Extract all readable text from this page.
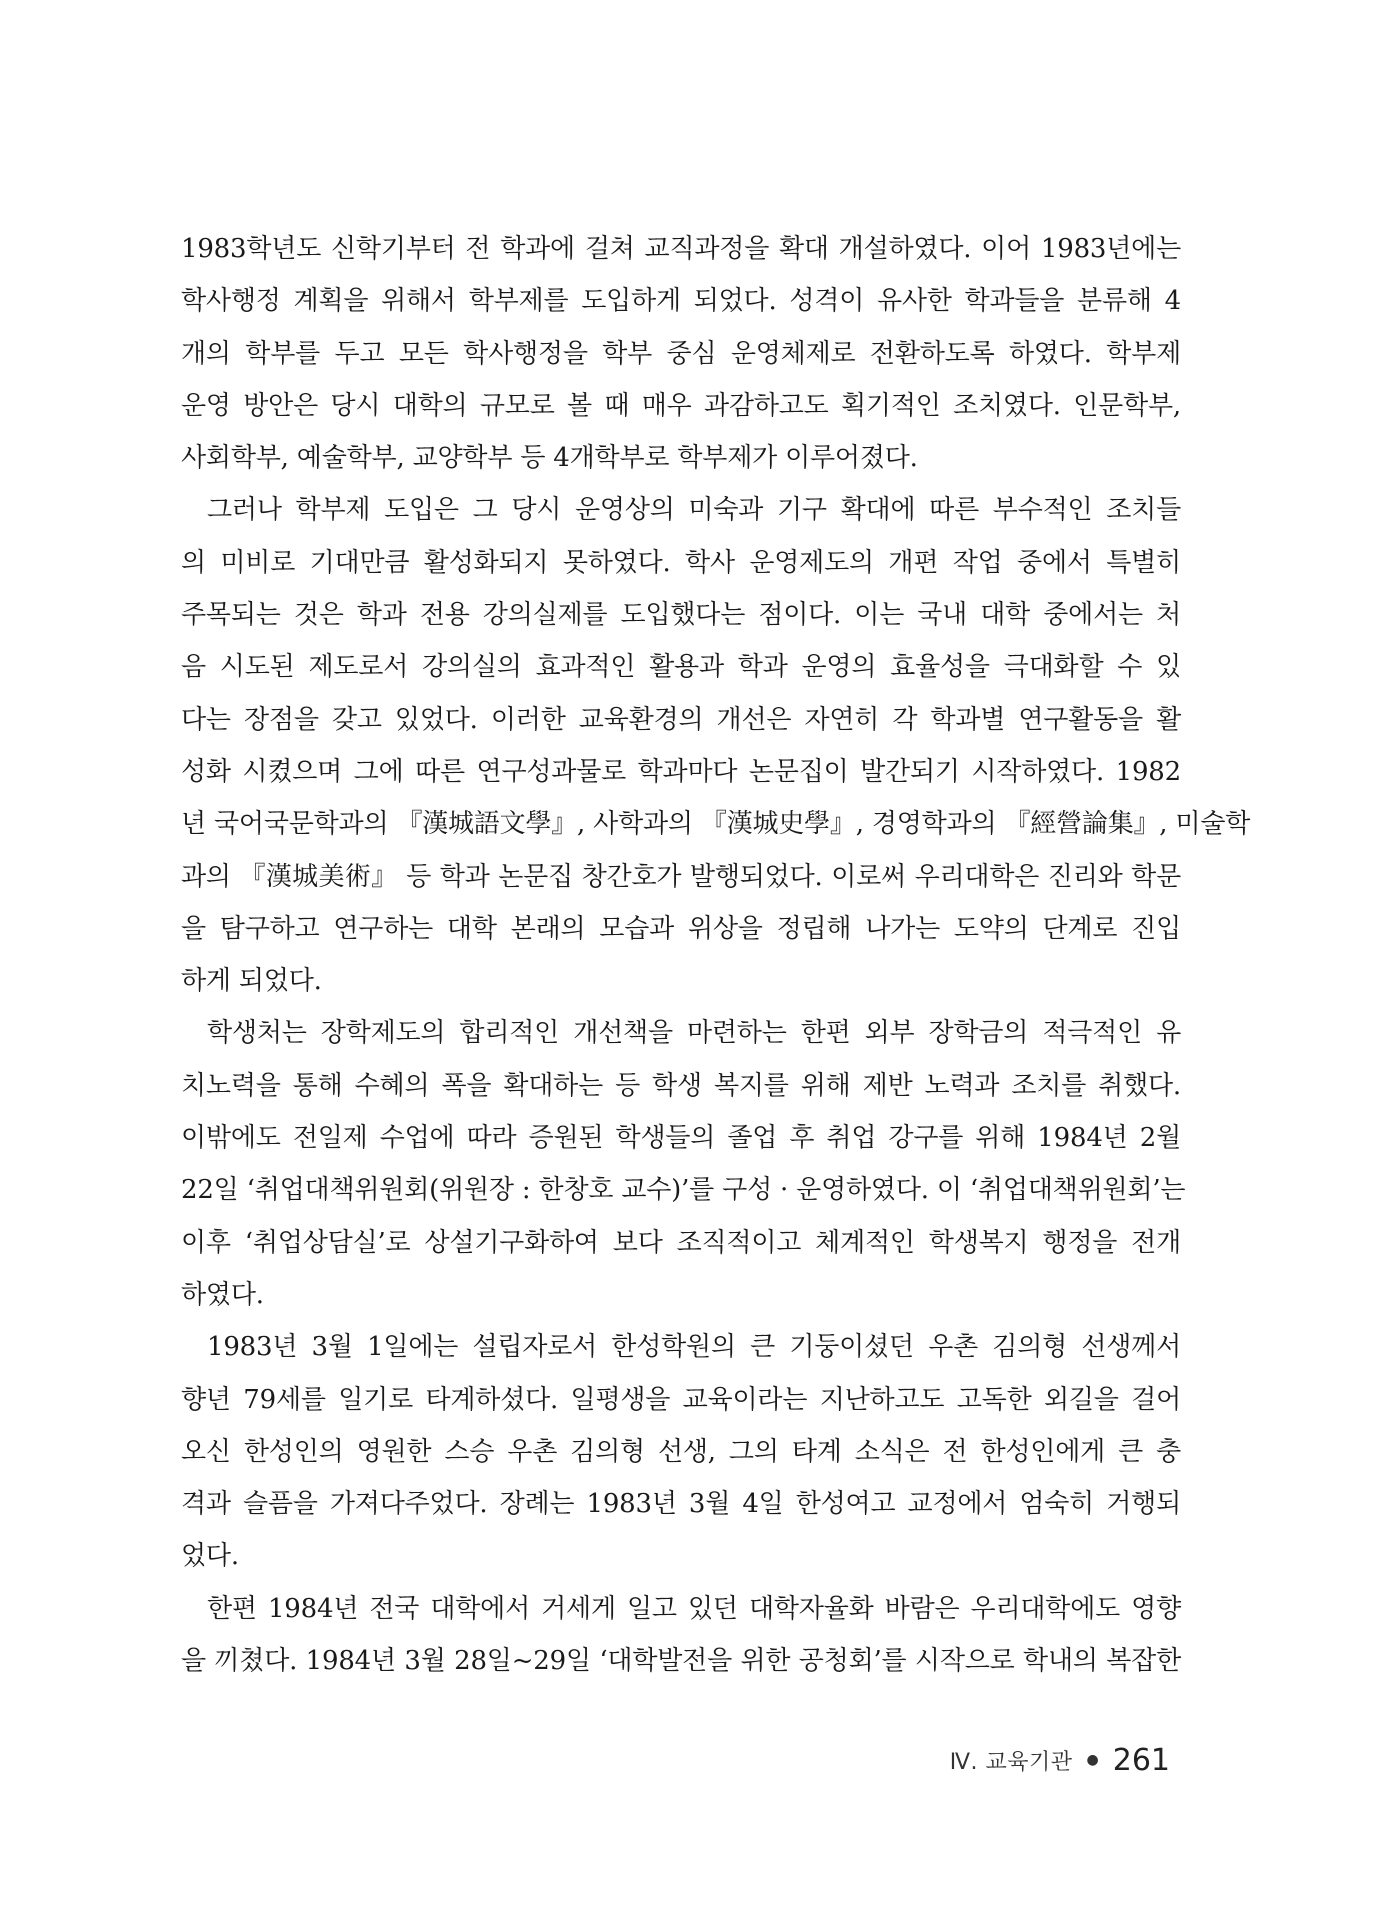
1983학년도 신학기부터 전 학과에 걸쳐 교직과정을 확대 개설하였다. 이어 1983년에는
학사행정 계획을 위해서 학부제를 도입하게 되었다. 성격이 유사한 학과들을 분류해 4
개의 학부를 두고 모든 학사행정을 학부 중심 운영체제로 전환하도록 하였다. 학부제
운영 방안은 당시 대학의 규모로 볼 때 매우 과감하고도 획기적인 조치였다. 인문학부,
사회학부, 예술학부, 교양학부 등 4개학부로 학부제가 이루어졌다.
그러나 학부제 도입은 그 당시 운영상의 미숙과 기구 확대에 따른 부수적인 조치들
의 미비로 기대만큼 활성화되지 못하였다. 학사 운영제도의 개편 작업 중에서 특별히
주목되는 것은 학과 전용 강의실제를 도입했다는 점이다. 이는 국내 대학 중에서는 처
음 시도된 제도로서 강의실의 효과적인 활용과 학과 운영의 효율성을 극대화할 수 있
다는 장점을 갖고 있었다. 이러한 교육환경의 개선은 자연히 각 학과별 연구활동을 활
성화 시켰으며 그에 따른 연구성과물로 학과마다 논문집이 발간되기 시작하였다. 1982
년 국어국문학과의 『漢城語文學』, 사학과의 『漢城史學』, 경영학과의 『經營論集』, 미술학
과의 『漢城美術』 등 학과 논문집 창간호가 발행되었다. 이로써 우리대학은 진리와 학문
을 탐구하고 연구하는 대학 본래의 모습과 위상을 정립해 나가는 도약의 단계로 진입
하게 되었다.
학생처는 장학제도의 합리적인 개선책을 마련하는 한편 외부 장학금의 적극적인 유
치노력을 통해 수혜의 폭을 확대하는 등 학생 복지를 위해 제반 노력과 조치를 취했다.
이밖에도 전일제 수업에 따라 증원된 학생들의 졸업 후 취업 강구를 위해 1984년 2월
22일 ‘취업대책위원회(위원장 : 한창호 교수)’를 구성 · 운영하였다. 이 ‘취업대책위원회’는
이후 ‘취업상담실’로 상설기구화하여 보다 조직적이고 체계적인 학생복지 행정을 전개
하였다.
1983년 3월 1일에는 설립자로서 한성학원의 큰 기둥이셨던 우촌 김의형 선생께서
향년 79세를 일기로 타계하셨다. 일평생을 교육이라는 지난하고도 고독한 외길을 걸어
오신 한성인의 영원한 스승 우촌 김의형 선생, 그의 타계 소식은 전 한성인에게 큰 충
격과 슬픔을 가져다주었다. 장례는 1983년 3월 4일 한성여고 교정에서 엄숙히 거행되
었다.
한편 1984년 전국 대학에서 거세게 일고 있던 대학자율화 바람은 우리대학에도 영향
을 끼쳤다. 1984년 3월 28일~29일 ‘대학발전을 위한 공청회’를 시작으로 학내의 복잡한
Ⅳ. 교육기관 ● 261
